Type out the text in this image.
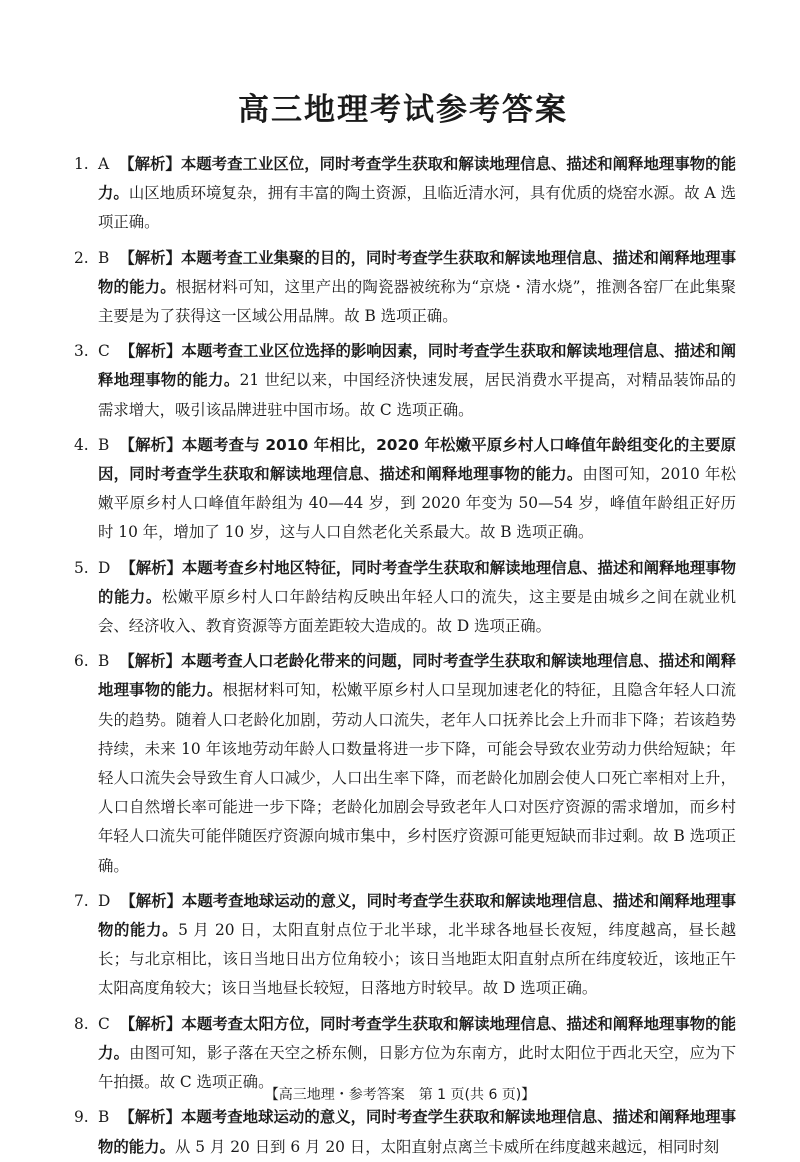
高三地理考试参考答案
1. A 【解析】本题考查工业区位，同时考查学生获取和解读地理信息、描述和阐释地理事物的能力。山区地质环境复杂，拥有丰富的陶土资源，且临近清水河，具有优质的烧窑水源。故 A 选项正确。
2. B 【解析】本题考查工业集聚的目的，同时考查学生获取和解读地理信息、描述和阐释地理事物的能力。根据材料可知，这里产出的陶瓷器被统称为“京烧・清水烧”，推测各窑厂在此集聚主要是为了获得这一区域公用品牌。故 B 选项正确。
3. C 【解析】本题考查工业区位选择的影响因素，同时考查学生获取和解读地理信息、描述和阐释地理事物的能力。21 世纪以来，中国经济快速发展，居民消费水平提高，对精品装饰品的需求增大，吸引该品牌进驻中国市场。故 C 选项正确。
4. B 【解析】本题考查与 2010 年相比，2020 年松嫩平原乡村人口峰值年龄组变化的主要原因，同时考查学生获取和解读地理信息、描述和阐释地理事物的能力。由图可知，2010 年松嫩平原乡村人口峰值年龄组为 40—44 岁，到 2020 年变为 50—54 岁，峰值年龄组正好历时 10 年，增加了 10 岁，这与人口自然老化关系最大。故 B 选项正确。
5. D 【解析】本题考查乡村地区特征，同时考查学生获取和解读地理信息、描述和阐释地理事物的能力。松嫩平原乡村人口年龄结构反映出年轻人口的流失，这主要是由城乡之间在就业机会、经济收入、教育资源等方面差距较大造成的。故 D 选项正确。
6. B 【解析】本题考查人口老龄化带来的问题，同时考查学生获取和解读地理信息、描述和阐释地理事物的能力。根据材料可知，松嫩平原乡村人口呈现加速老化的特征，且隐含年轻人口流失的趋势。随着人口老龄化加剧，劳动人口流失，老年人口抚养比会上升而非下降；若该趋势持续，未来 10 年该地劳动年龄人口数量将进一步下降，可能会导致农业劳动力供给短缺；年轻人口流失会导致生育人口减少，人口出生率下降，而老龄化加剧会使人口死亡率相对上升，人口自然增长率可能进一步下降；老龄化加剧会导致老年人口对医疗资源的需求增加，而乡村年轻人口流失可能伴随医疗资源向城市集中，乡村医疗资源可能更短缺而非过剩。故 B 选项正确。
7. D 【解析】本题考查地球运动的意义，同时考查学生获取和解读地理信息、描述和阐释地理事物的能力。5 月 20 日，太阳直射点位于北半球，北半球各地昼长夜短，纬度越高，昼长越长；与北京相比，该日当地日出方位角较小；该日当地距太阳直射点所在纬度较近，该地正午太阳高度角较大；该日当地昼长较短，日落地方时较早。故 D 选项正确。
8. C 【解析】本题考查太阳方位，同时考查学生获取和解读地理信息、描述和阐释地理事物的能力。由图可知，影子落在天空之桥东侧，日影方位为东南方，此时太阳位于西北天空，应为下午拍摄。故 C 选项正确。
9. B 【解析】本题考查地球运动的意义，同时考查学生获取和解读地理信息、描述和阐释地理事物的能力。从 5 月 20 日到 6 月 20 日，太阳直射点离兰卡威所在纬度越来越远，相同时刻
【高三地理・参考答案　第 1 页(共 6 页)】
